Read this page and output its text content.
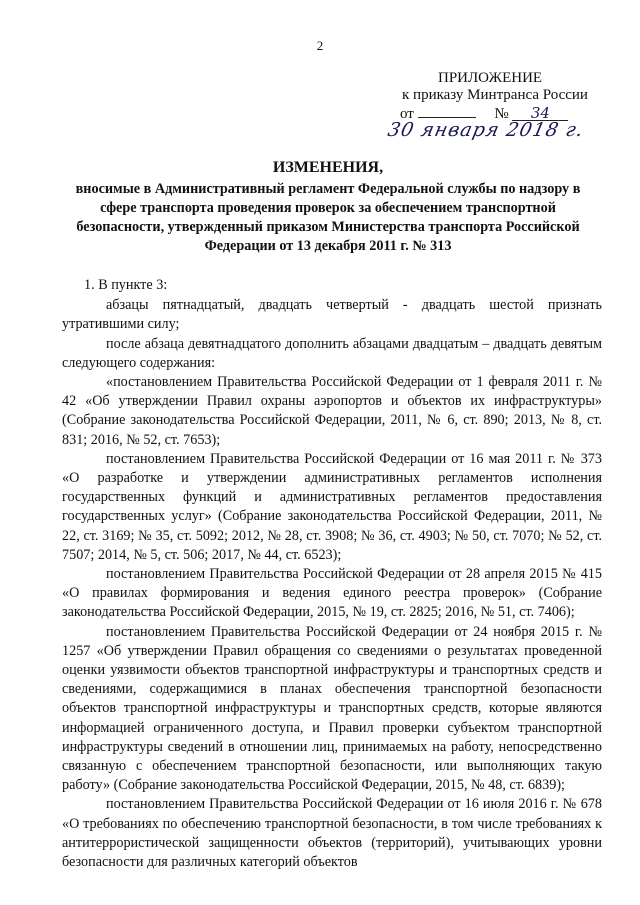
2
ПРИЛОЖЕНИЕ
к приказу Минтранса России
от	№ 34
30 января 2018 г.
ИЗМЕНЕНИЯ,
вносимые в Административный регламент Федеральной службы по надзору в сфере транспорта проведения проверок за обеспечением транспортной безопасности, утвержденный приказом Министерства транспорта Российской Федерации от 13 декабря 2011 г. № 313

1. В пункте 3:

абзацы пятнадцатый, двадцать четвертый - двадцать шестой признать утратившими силу;

после абзаца девятнадцатого дополнить абзацами двадцатым – двадцать девятым следующего содержания:

«постановлением Правительства Российской Федерации от 1 февраля 2011 г. № 42 «Об утверждении Правил охраны аэропортов и объектов их инфраструктуры» (Собрание законодательства Российской Федерации, 2011, № 6, ст. 890; 2013, № 8, ст. 831; 2016, № 52, ст. 7653);

постановлением Правительства Российской Федерации от 16 мая 2011 г. № 373 «О разработке и утверждении административных регламентов исполнения государственных функций и административных регламентов предоставления государственных услуг» (Собрание законодательства Российской Федерации, 2011, № 22, ст. 3169; № 35, ст. 5092; 2012, № 28, ст. 3908; № 36, ст. 4903; № 50, ст. 7070; № 52, ст. 7507; 2014, № 5, ст. 506; 2017, № 44, ст. 6523);

постановлением Правительства Российской Федерации от 28 апреля 2015 № 415 «О правилах формирования и ведения единого реестра проверок» (Собрание законодательства Российской Федерации, 2015, № 19, ст. 2825; 2016, № 51, ст. 7406);

постановлением Правительства Российской Федерации от 24 ноября 2015 г. № 1257 «Об утверждении Правил обращения со сведениями о результатах проведенной оценки уязвимости объектов транспортной инфраструктуры и транспортных средств и сведениями, содержащимися в планах обеспечения транспортной безопасности объектов транспортной инфраструктуры и транспортных средств, которые являются информацией ограниченного доступа, и Правил проверки субъектом транспортной инфраструктуры сведений в отношении лиц, принимаемых на работу, непосредственно связанную с обеспечением транспортной безопасности, или выполняющих такую работу» (Собрание законодательства Российской Федерации, 2015, № 48, ст. 6839);

постановлением Правительства Российской Федерации от 16 июля 2016 г. № 678 «О требованиях по обеспечению транспортной безопасности, в том числе требованиях к антитеррористической защищенности объектов (территорий), учитывающих уровни безопасности для различных категорий объектов
